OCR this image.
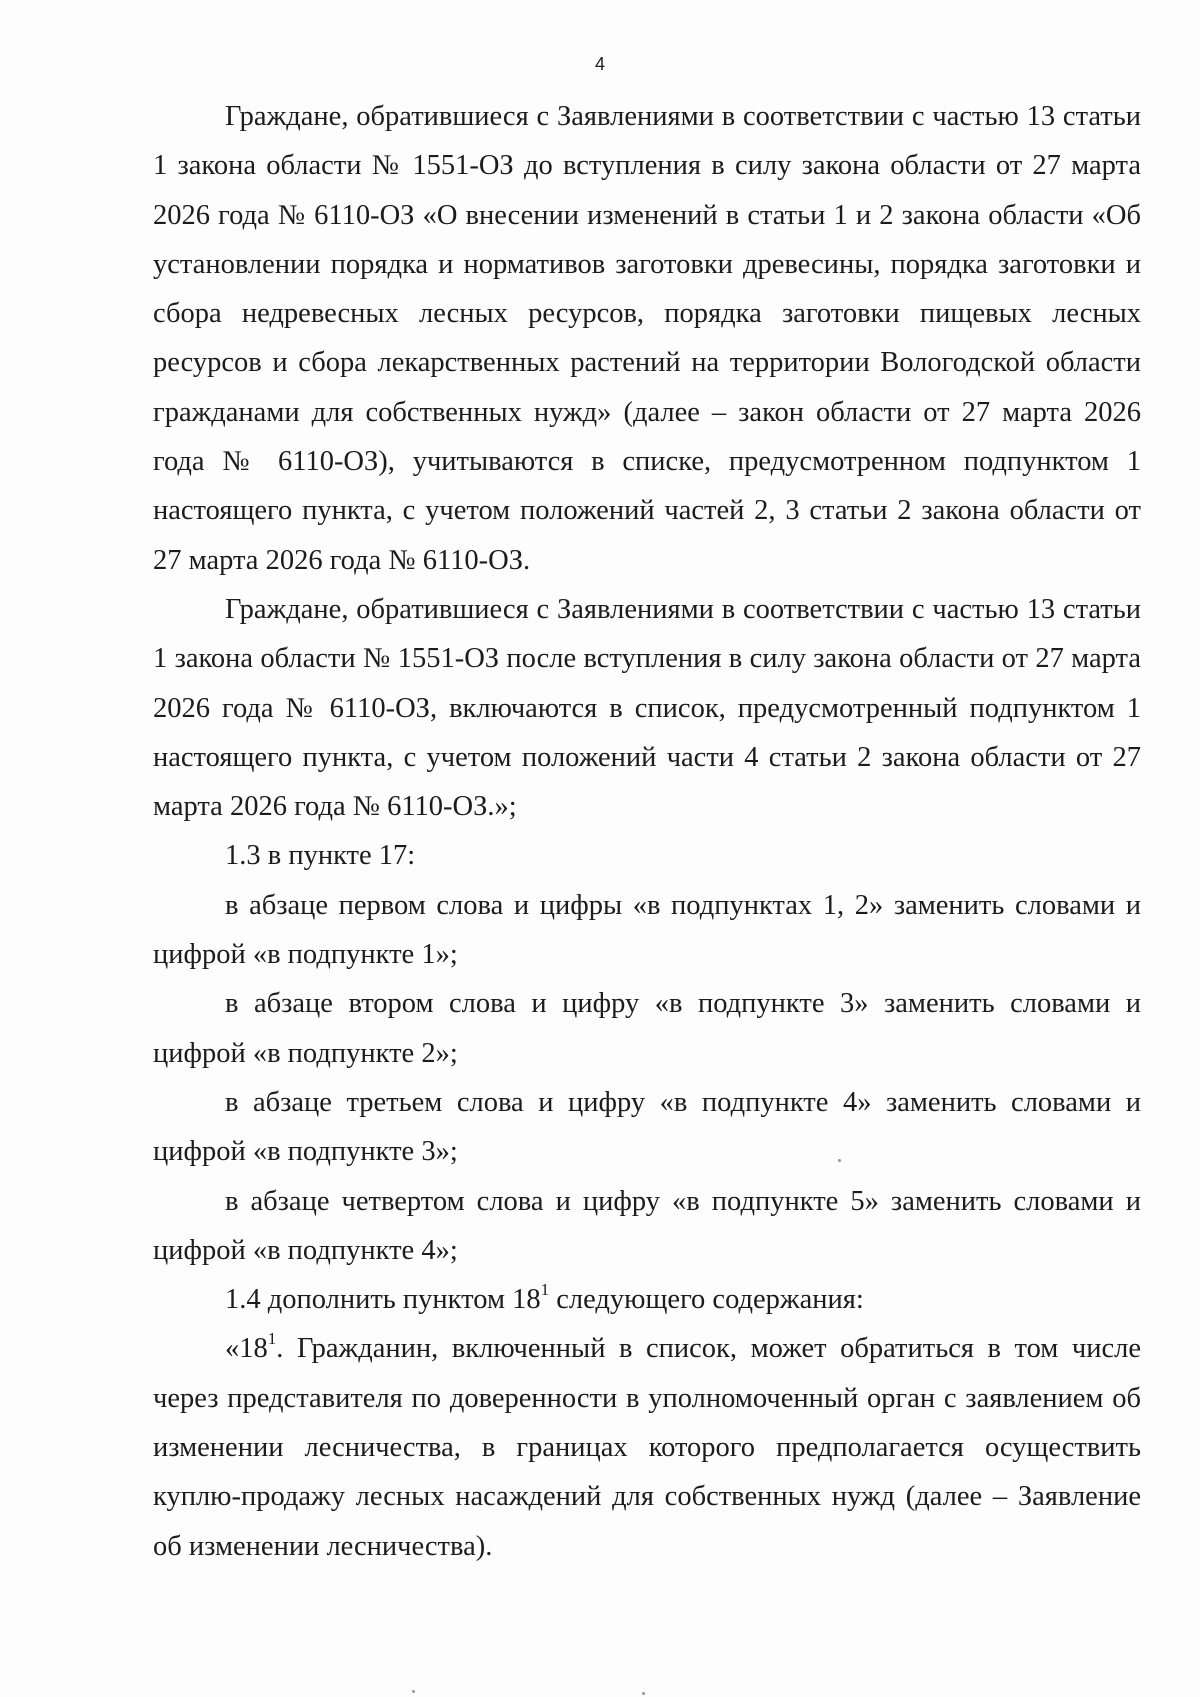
4

Граждане, обратившиеся с Заявлениями в соответствии с частью 13 статьи 1 закона области № 1551-ОЗ до вступления в силу закона области от 27 марта 2026 года № 6110-ОЗ «О внесении изменений в статьи 1 и 2 закона области «Об установлении порядка и нормативов заготовки древесины, порядка заготовки и сбора недревесных лесных ресурсов, порядка заготовки пищевых лесных ресурсов и сбора лекарственных растений на территории Вологодской области гражданами для собственных нужд» (далее – закон области от 27 марта 2026 года № 6110-ОЗ), учитываются в списке, предусмотренном подпунктом 1 настоящего пункта, с учетом положений частей 2, 3 статьи 2 закона области от 27 марта 2026 года № 6110-ОЗ.

Граждане, обратившиеся с Заявлениями в соответствии с частью 13 статьи 1 закона области № 1551-ОЗ после вступления в силу закона области от 27 марта 2026 года № 6110-ОЗ, включаются в список, предусмотренный подпунктом 1 настоящего пункта, с учетом положений части 4 статьи 2 закона области от 27 марта 2026 года № 6110-ОЗ.»;

1.3 в пункте 17:

в абзаце первом слова и цифры «в подпунктах 1, 2» заменить словами и цифрой «в подпункте 1»;

в абзаце втором слова и цифру «в подпункте 3» заменить словами и цифрой «в подпункте 2»;

в абзаце третьем слова и цифру «в подпункте 4» заменить словами и цифрой «в подпункте 3»;

в абзаце четвертом слова и цифру «в подпункте 5» заменить словами и цифрой «в подпункте 4»;

1.4 дополнить пунктом $18^1$ следующего содержания:

«$18^1$. Гражданин, включенный в список, может обратиться в том числе через представителя по доверенности в уполномоченный орган с заявлением об изменении лесничества, в границах которого предполагается осуществить куплю-продажу лесных насаждений для собственных нужд (далее – Заявление об изменении лесничества).
